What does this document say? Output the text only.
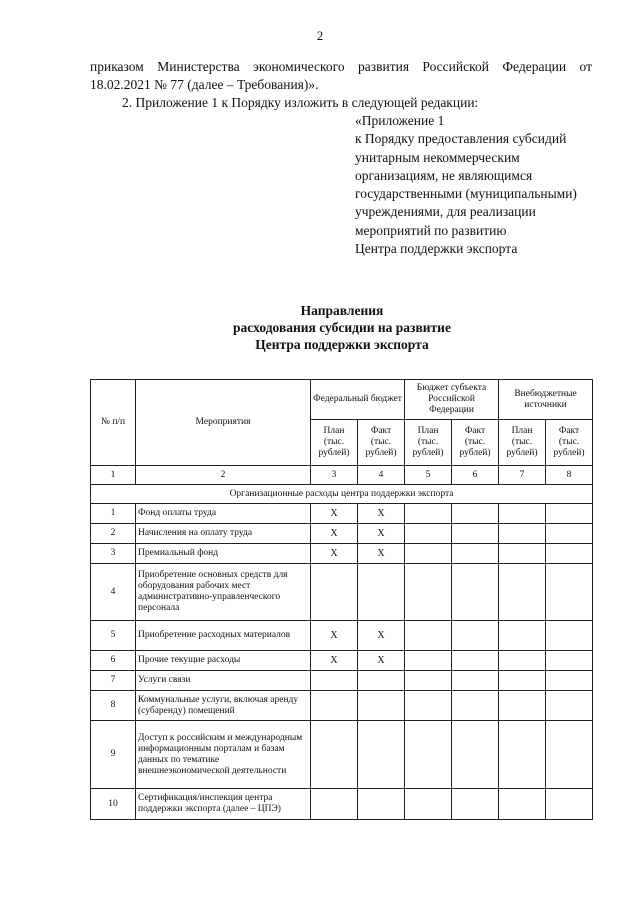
2
приказом Министерства экономического развития Российской Федерации от 18.02.2021 № 77 (далее – Требования)».
2. Приложение 1 к Порядку изложить в следующей редакции:
«Приложение 1
к Порядку предоставления субсидий
унитарным некоммерческим
организациям, не являющимся
государственными (муниципальными)
учреждениями, для реализации
мероприятий по развитию
Центра поддержки экспорта
Направления
расходования субсидии на развитие
Центра поддержки экспорта
№ п/п	Мероприятия	Федеральный бюджет		Бюджет субъекта Российской Федерации		Внебюджетные источники	
		План (тыс. рублей)	Факт (тыс. рублей)	План (тыс. рублей)	Факт (тыс. рублей)	План (тыс. рублей)	Факт (тыс. рублей)
1	2	3	4	5	6	7	8
Организационные расходы центра поддержки экспорта							
1	Фонд оплаты труда	X	X				
2	Начисления на оплату труда	X	X				
3	Премиальный фонд	X	X				
4	Приобретение основных средств для оборудования рабочих мест административно-управленческого персонала						
5	Приобретение расходных материалов	X	X				
6	Прочие текущие расходы	X	X				
7	Услуги связи						
8	Коммунальные услуги, включая аренду (субаренду) помещений						
9	Доступ к российским и международным информационным порталам и базам данных по тематике внешнеэкономической деятельности						
10	Сертификация/инспекция центра поддержки экспорта (далее – ЦПЭ)						
